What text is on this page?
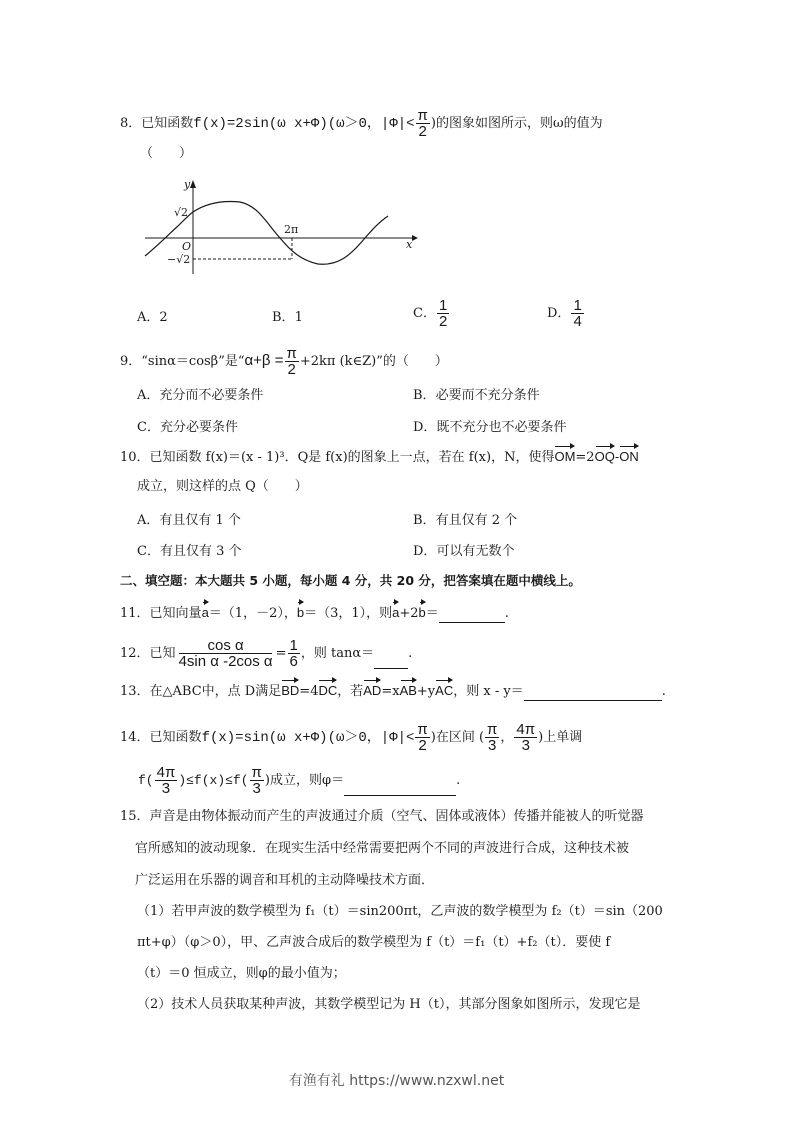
8．已知函数f(x)=2sin(ω x+Φ)(ω＞0，$|\Phi|< \frac{\pi}{2}$ )的图象如图所示，则ω的值为
（　　）
y
x
O
√2
−√2
2π
A．2	B．1	C． $\frac{1}{2}$	D． $\frac{1}{4}$
9．“sinα＝cosβ”是“$\alpha+\beta = \frac{\pi}{2} +2k\pi$ (k∈Z)”的（　　）
A．充分而不必要条件	B．必要而不充分条件
C．充分必要条件	D．既不充分也不必要条件
10．已知函数 f(x)＝(x - 1)³．Q是 f(x)的图象上一点，若在 f(x)，N，使得OM=2OQ-ON
成立，则这样的点 Q（　　）
A．有且仅有 1 个	B．有且仅有 2 个
C．有且仅有 3 个	D．可以有无数个
二、填空题：本大题共 5 小题，每小题 4 分，共 20 分，把答案填在题中横线上。
11．已知向量a＝（1，－2），b＝（3，1），则a+2b＝	.
12．已知 $\frac{\text{cos α}}{\text{4sin α -2cos α}} = \frac{1}{6}$ ，则 tanα＝	.
13．在△ABC中，点 D满足BD=4DC，若AD=xAB+yAC，则 x - y＝	.
14．已知函数f(x)=sin(ω x+Φ)(ω＞0，$|\Phi|< \frac{\pi}{2}$ )在区间 ( $\frac{\pi}{3}$ ， $\frac{4\pi}{3}$ )上单调
$f( \frac{4\pi}{3} )\le f(x)\le f( \frac{\pi}{3}$ )成立，则φ＝	.
15．声音是由物体振动而产生的声波通过介质（空气、固体或液体）传播并能被人的听觉器
官所感知的波动现象．在现实生活中经常需要把两个不同的声波进行合成，这种技术被
广泛运用在乐器的调音和耳机的主动降噪技术方面．
（1）若甲声波的数学模型为 f₁（t）＝sin200πt，乙声波的数学模型为 f₂（t）＝sin（200
πt+φ）（φ＞0），甲、乙声波合成后的数学模型为 f（t）＝f₁（t）+f₂（t）．要使 f
（t）＝0 恒成立，则φ的最小值为；
（2）技术人员获取某种声波，其数学模型记为 H（t），其部分图象如图所示，发现它是
有渔有礼 https://www.nzxwl.net
